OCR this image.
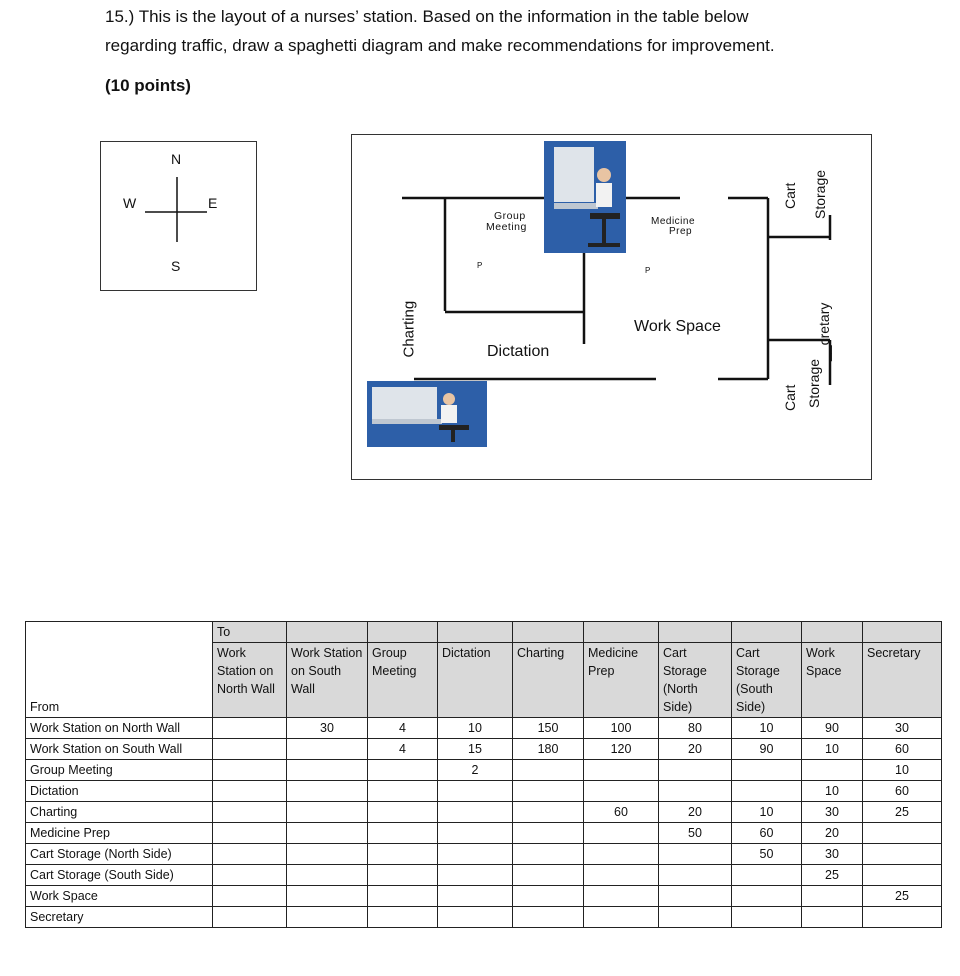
15.) This is the layout of a nurses’ station. Based on the information in the table below
regarding traffic, draw a spaghetti diagram and make recommendations for improvement.
(10 points)
N
S
E
W
Group
Meeting	Medicine
Prep
P
P
Dictation
Work Space
Charting
Cart Storage
Cart Storage
__cretary
From	To									
	Work Station on North Wall	Work Station on South Wall	Group Meeting	Dictation	Charting	Medicine Prep	Cart Storage (North Side)	Cart Storage (South Side)	Work Space	Secretary
Work Station on North Wall		30	4	10	150	100	80	10	90	30
Work Station on South Wall			4	15	180	120	20	90	10	60
Group Meeting				2						10
Dictation									10	60
Charting						60	20	10	30	25
Medicine Prep							50	60	20	
Cart Storage (North Side)								50	30	
Cart Storage (South Side)									25	
Work Space										25
Secretary										
